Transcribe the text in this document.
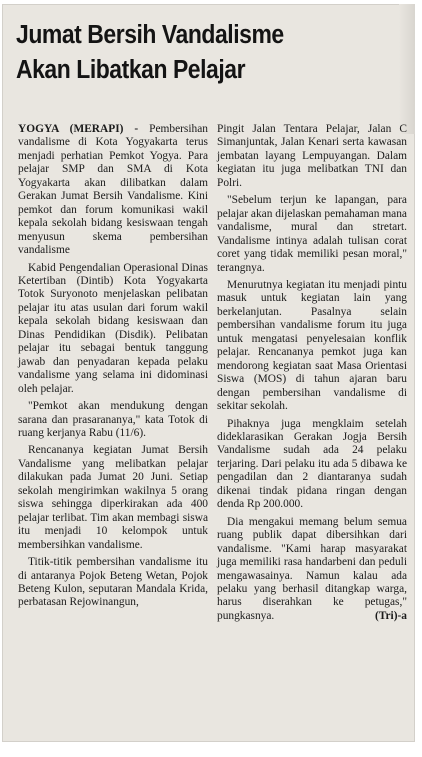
Jumat Bersih Vandalisme
Akan Libatkan Pelajar

YOGYA (MERAPI) - Pembersihan vandalisme di Kota Yogyakarta terus menjadi perhatian Pemkot Yogya. Para pelajar SMP dan SMA di Kota Yogyakarta akan dilibatkan dalam Gerakan Jumat Bersih Vandalisme. Kini pemkot dan forum komunikasi wakil kepala sekolah bidang kesiswaan tengah menyusun skema pembersihan vandalisme

Kabid Pengendalian Operasional Dinas Ketertiban (Dintib) Kota Yogyakarta Totok Suryonoto menjelaskan pelibatan pelajar itu atas usulan dari forum wakil kepala sekolah bidang kesiswaan dan Dinas Pendidikan (Disdik). Pelibatan pelajar itu sebagai bentuk tanggung jawab dan penyadaran kepada pelaku vandalisme yang selama ini didominasi oleh pelajar.

"Pemkot akan mendukung dengan sarana dan prasarananya," kata Totok di ruang kerjanya Rabu (11/6).

Rencananya kegiatan Jumat Bersih Vandalisme yang melibatkan pelajar dilakukan pada Jumat 20 Juni. Setiap sekolah mengirimkan wakilnya 5 orang siswa sehingga diperkirakan ada 400 pelajar terlibat. Tim akan membagi siswa itu menjadi 10 kelompok untuk membersihkan vandalisme.

Titik-titik pembersihan vandalisme itu di antaranya Pojok Beteng Wetan, Pojok Beteng Kulon, seputaran Mandala Krida, perbatasan Rejowinangun,

Pingit Jalan Tentara Pelajar, Jalan C Simanjuntak, Jalan Kenari serta kawasan jembatan layang Lempuyangan. Dalam kegiatan itu juga melibatkan TNI dan Polri.

"Sebelum terjun ke lapangan, para pelajar akan dijelaskan pemahaman mana vandalisme, mural dan stretart. Vandalisme intinya adalah tulisan corat coret yang tidak memiliki pesan moral," terangnya.

Menurutnya kegiatan itu menjadi pintu masuk untuk kegiatan lain yang berkelanjutan. Pasalnya selain pembersihan vandalisme forum itu juga untuk mengatasi penyelesaian konflik pelajar. Rencananya pemkot juga kan mendorong kegiatan saat Masa Orientasi Siswa (MOS) di tahun ajaran baru dengan pembersihan vandalisme di sekitar sekolah.

Pihaknya juga mengklaim setelah dideklarasikan Gerakan Jogja Bersih Vandalisme sudah ada 24 pelaku terjaring. Dari pelaku itu ada 5 dibawa ke pengadilan dan 2 diantaranya sudah dikenai tindak pidana ringan dengan denda Rp 200.000.

Dia mengakui memang belum semua ruang publik dapat dibersihkan dari vandalisme. "Kami harap masyarakat juga memiliki rasa handarbeni dan peduli mengawasainya. Namun kalau ada pelaku yang berhasil ditangkap warga, harus diserahkan ke petugas," pungkasnya.	(Tri)-a
